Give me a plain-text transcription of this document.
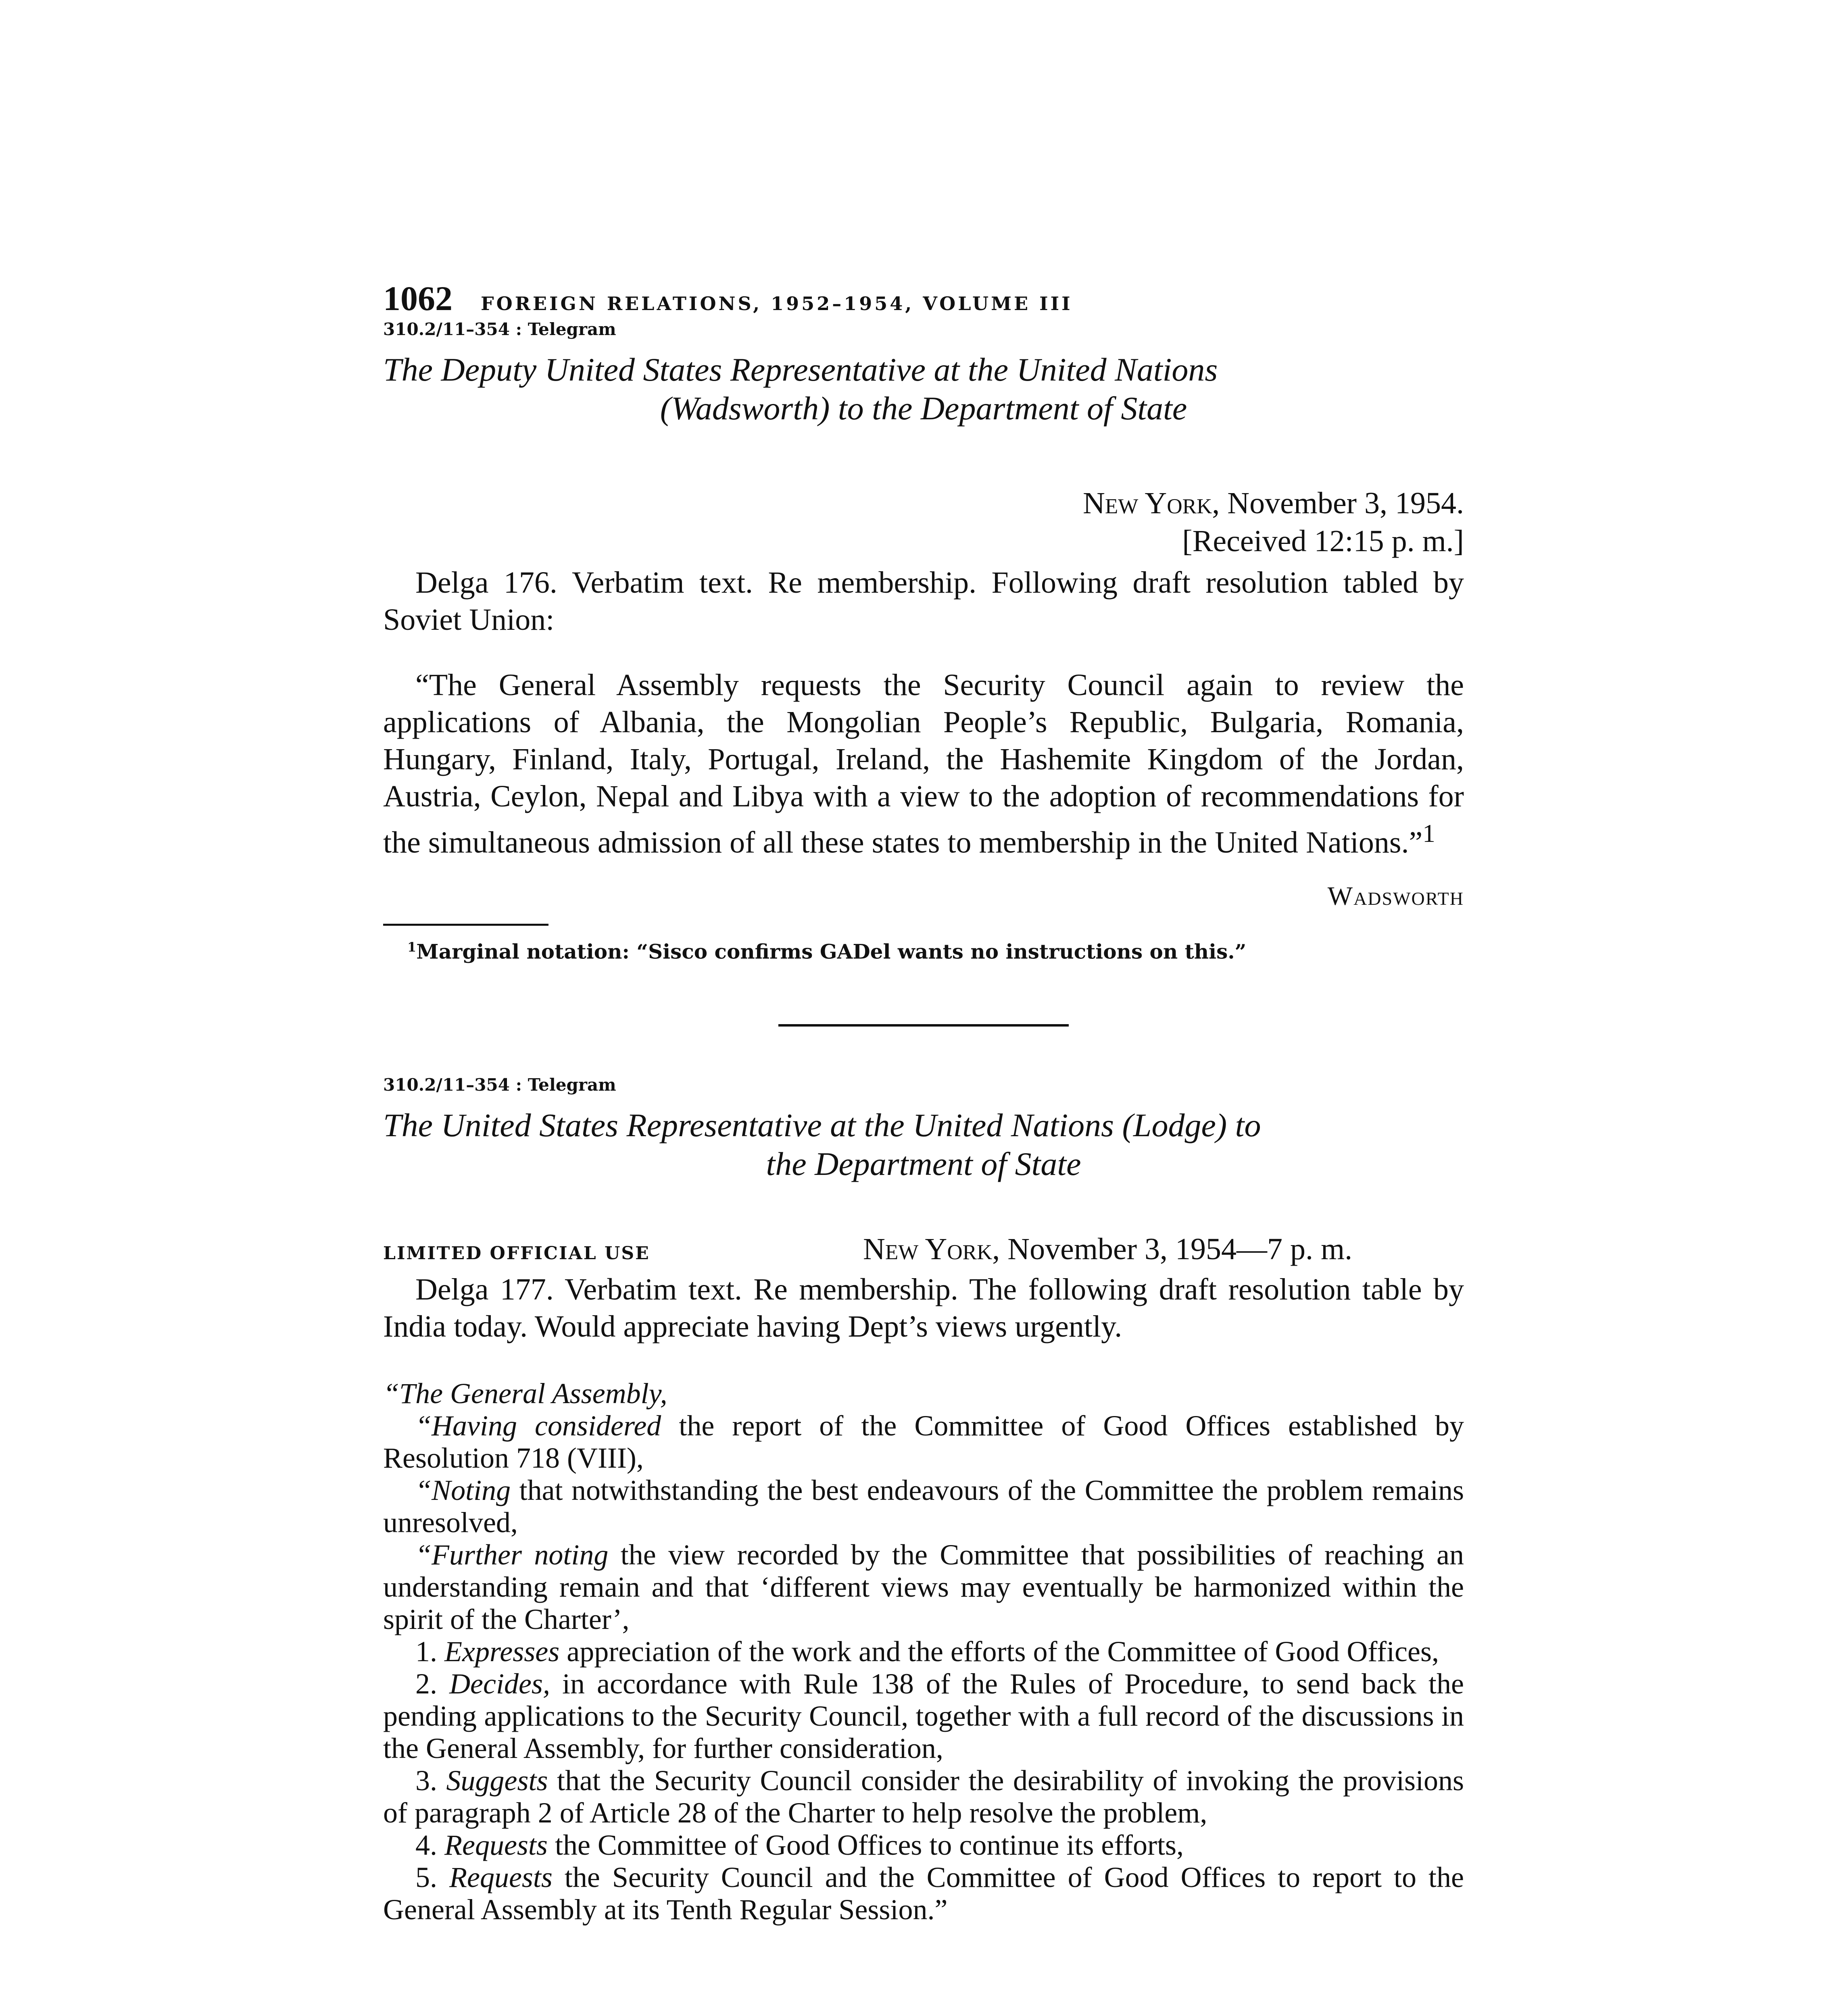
1062 FOREIGN RELATIONS, 1952–1954, VOLUME III
310.2/11–354 : Telegram
The Deputy United States Representative at the United Nations
(Wadsworth) to the Department of State
New York, November 3, 1954.
[Received 12:15 p. m.]

Delga 176. Verbatim text. Re membership. Following draft resolution tabled by Soviet Union:

“The General Assembly requests the Security Council again to review the applications of Albania, the Mongolian People’s Republic, Bulgaria, Romania, Hungary, Finland, Italy, Portugal, Ireland, the Hashemite Kingdom of the Jordan, Austria, Ceylon, Nepal and Libya with a view to the adoption of recommendations for the simultaneous admission of all these states to membership in the United Nations.”$^1$

Wadsworth
$^1$Marginal notation: “Sisco confirms GADel wants no instructions on this.”
310.2/11–354 : Telegram
The United States Representative at the United Nations (Lodge) to
the Department of State
LIMITED OFFICIAL USE	New York, November 3, 1954—7 p. m.

Delga 177. Verbatim text. Re membership. The following draft resolution table by India today. Would appreciate having Dept’s views urgently.

“The General Assembly,

“Having considered the report of the Committee of Good Offices established by Resolution 718 (VIII),

“Noting that notwithstanding the best endeavours of the Committee the problem remains unresolved,

“Further noting the view recorded by the Committee that possibilities of reaching an understanding remain and that ‘different views may eventually be harmonized within the spirit of the Charter’,

1. Expresses appreciation of the work and the efforts of the Committee of Good Offices,

2. Decides, in accordance with Rule 138 of the Rules of Procedure, to send back the pending applications to the Security Council, together with a full record of the discussions in the General Assembly, for further consideration,

3. Suggests that the Security Council consider the desirability of invoking the provisions of paragraph 2 of Article 28 of the Charter to help resolve the problem,

4. Requests the Committee of Good Offices to continue its efforts,

5. Requests the Security Council and the Committee of Good Offices to report to the General Assembly at its Tenth Regular Session.”
